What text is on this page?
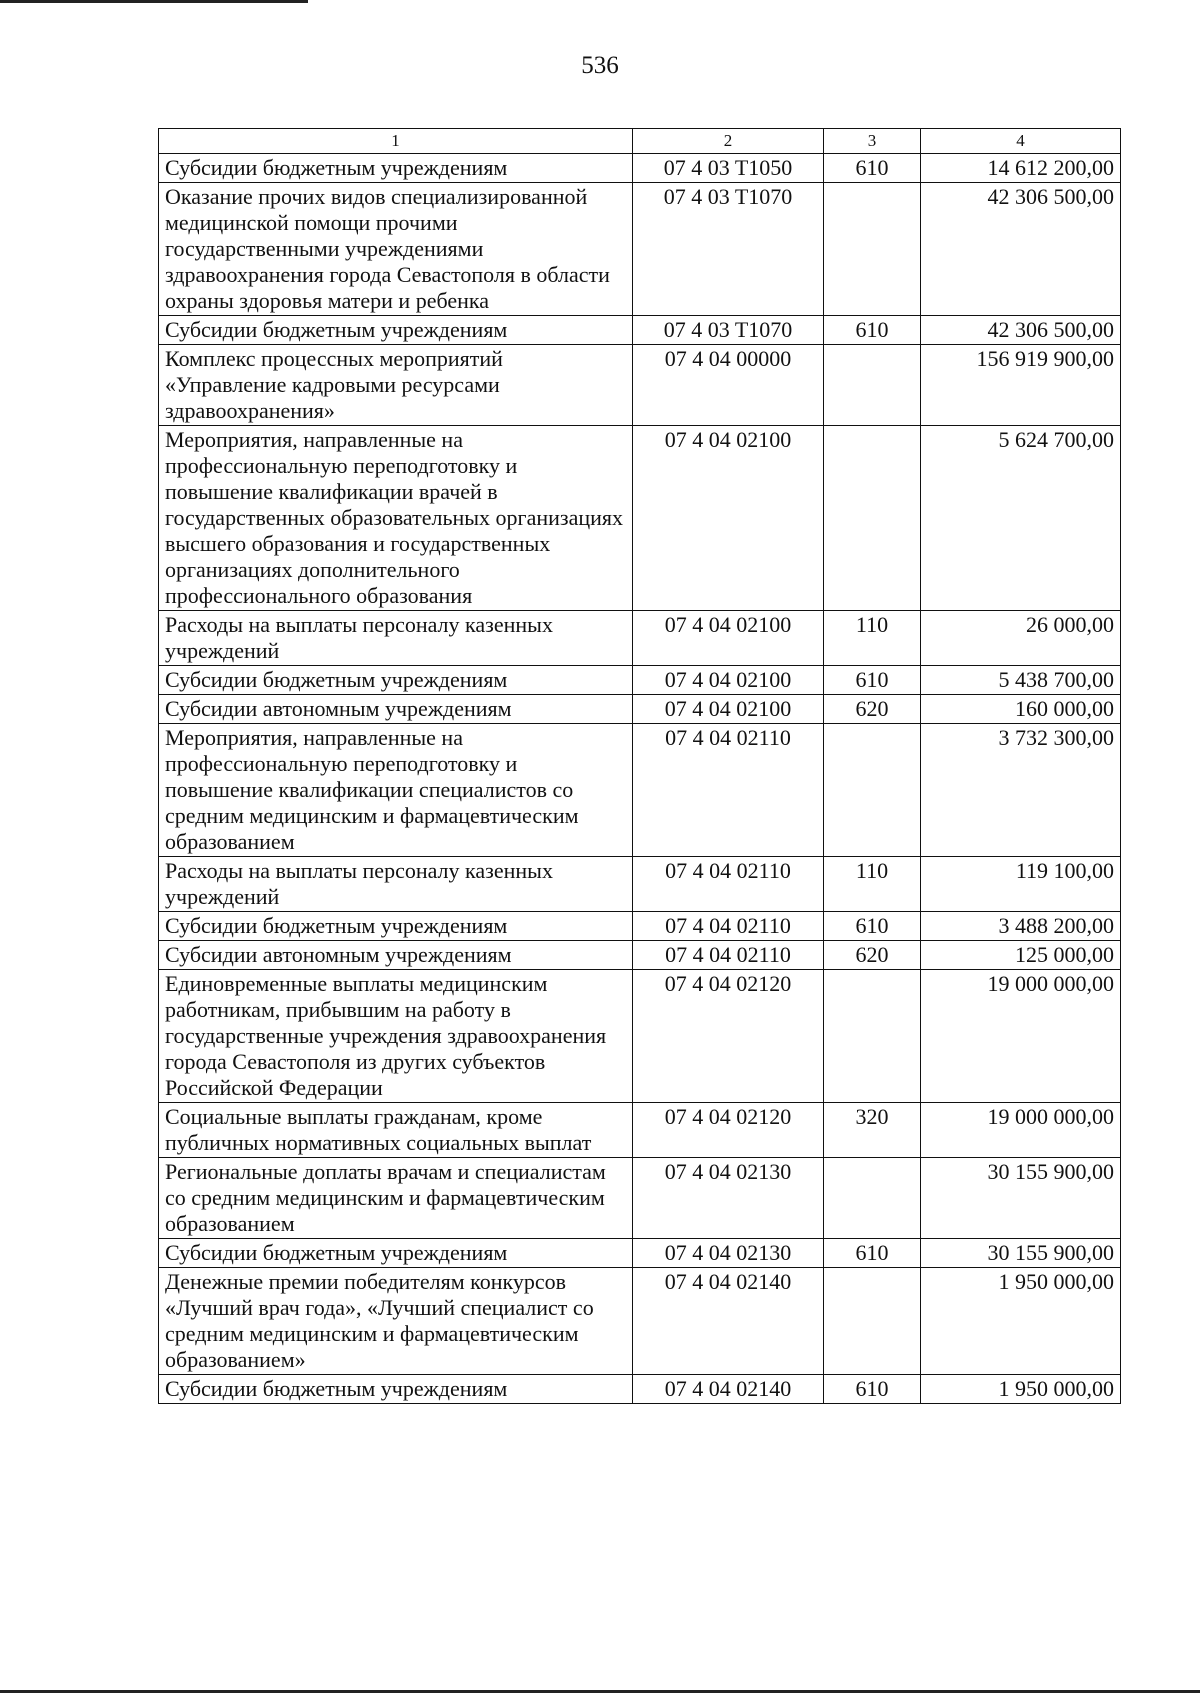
536
1	2	3	4
Субсидии бюджетным учреждениям	07 4 03 T1050	610	14 612 200,00
Оказание прочих видов специализированной медицинской помощи прочими государственными учреждениями здравоохранения города Севастополя в области охраны здоровья матери и ребенка	07 4 03 T1070		42 306 500,00
Субсидии бюджетным учреждениям	07 4 03 T1070	610	42 306 500,00
Комплекс процессных мероприятий «Управление кадровыми ресурсами здравоохранения»	07 4 04 00000		156 919 900,00
Мероприятия, направленные на профессиональную переподготовку и повышение квалификации врачей в государственных образовательных организациях высшего образования и государственных организациях дополнительного профессионального образования	07 4 04 02100		5 624 700,00
Расходы на выплаты персоналу казенных учреждений	07 4 04 02100	110	26 000,00
Субсидии бюджетным учреждениям	07 4 04 02100	610	5 438 700,00
Субсидии автономным учреждениям	07 4 04 02100	620	160 000,00
Мероприятия, направленные на профессиональную переподготовку и повышение квалификации специалистов со средним медицинским и фармацевтическим образованием	07 4 04 02110		3 732 300,00
Расходы на выплаты персоналу казенных учреждений	07 4 04 02110	110	119 100,00
Субсидии бюджетным учреждениям	07 4 04 02110	610	3 488 200,00
Субсидии автономным учреждениям	07 4 04 02110	620	125 000,00
Единовременные выплаты медицинским работникам, прибывшим на работу в государственные учреждения здравоохранения города Севастополя из других субъектов Российской Федерации	07 4 04 02120		19 000 000,00
Социальные выплаты гражданам, кроме публичных нормативных социальных выплат	07 4 04 02120	320	19 000 000,00
Региональные доплаты врачам и специалистам со средним медицинским и фармацевтическим образованием	07 4 04 02130		30 155 900,00
Субсидии бюджетным учреждениям	07 4 04 02130	610	30 155 900,00
Денежные премии победителям конкурсов «Лучший врач года», «Лучший специалист со средним медицинским и фармацевтическим образованием»	07 4 04 02140		1 950 000,00
Субсидии бюджетным учреждениям	07 4 04 02140	610	1 950 000,00
